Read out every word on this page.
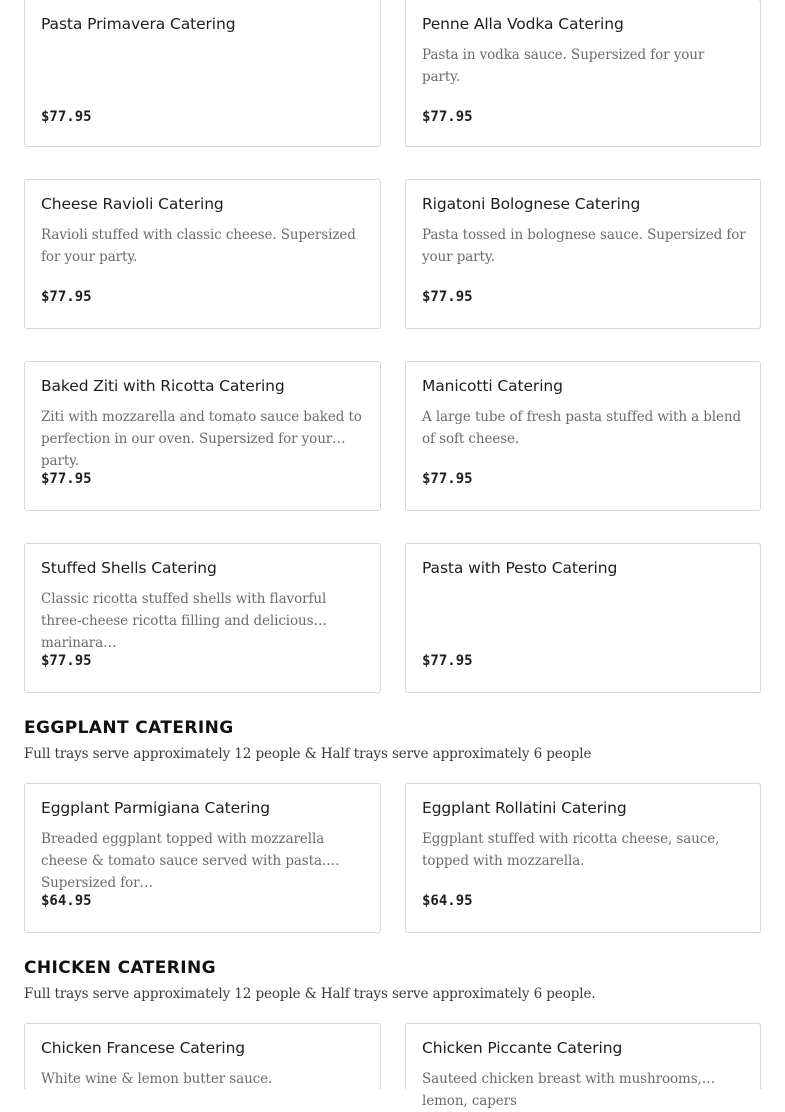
Pasta Primavera Catering
$77.95
Penne Alla Vodka Catering
Pasta in vodka sauce. Supersized for your party.
$77.95
Cheese Ravioli Catering
Ravioli stuffed with classic cheese. Supersized for your party.
$77.95
Rigatoni Bolognese Catering
Pasta tossed in bolognese sauce. Supersized for your party.
$77.95
Baked Ziti with Ricotta Catering
Ziti with mozzarella and tomato sauce baked to perfection in our oven. Supersized for your party.
$77.95
Manicotti Catering
A large tube of fresh pasta stuffed with a blend of soft cheese.
$77.95
Stuffed Shells Catering
Classic ricotta stuffed shells with flavorful three-cheese ricotta filling and delicious marinara…
$77.95
Pasta with Pesto Catering
$77.95
EGGPLANT CATERING

Full trays serve approximately 12 people & Half trays serve approximately 6 people

Eggplant Parmigiana Catering
Breaded eggplant topped with mozzarella cheese & tomato sauce served with pasta. Supersized for…
$64.95
Eggplant Rollatini Catering
Eggplant stuffed with ricotta cheese, sauce, topped with mozzarella.
$64.95
CHICKEN CATERING

Full trays serve approximately 12 people & Half trays serve approximately 6 people.

Chicken Francese Catering
White wine & lemon butter sauce.
Chicken Piccante Catering
Sauteed chicken breast with mushrooms, lemon, capers
